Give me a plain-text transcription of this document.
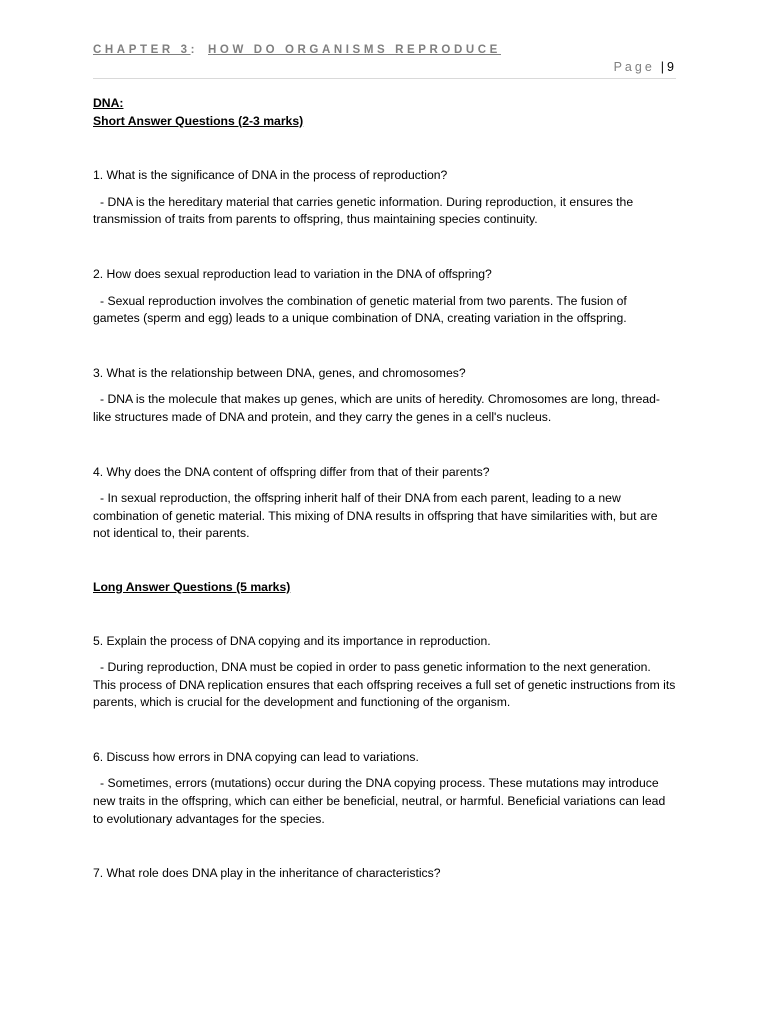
CHAPTER 3: HOW DO ORGANISMS REPRODUCE
Page | 9

DNA:

Short Answer Questions (2-3 marks)

1. What is the significance of DNA in the process of reproduction?

- DNA is the hereditary material that carries genetic information. During reproduction, it ensures the transmission of traits from parents to offspring, thus maintaining species continuity.

2. How does sexual reproduction lead to variation in the DNA of offspring?

- Sexual reproduction involves the combination of genetic material from two parents. The fusion of gametes (sperm and egg) leads to a unique combination of DNA, creating variation in the offspring.

3. What is the relationship between DNA, genes, and chromosomes?

- DNA is the molecule that makes up genes, which are units of heredity. Chromosomes are long, thread-like structures made of DNA and protein, and they carry the genes in a cell's nucleus.

4. Why does the DNA content of offspring differ from that of their parents?

- In sexual reproduction, the offspring inherit half of their DNA from each parent, leading to a new combination of genetic material. This mixing of DNA results in offspring that have similarities with, but are not identical to, their parents.

Long Answer Questions (5 marks)

5. Explain the process of DNA copying and its importance in reproduction.

- During reproduction, DNA must be copied in order to pass genetic information to the next generation. This process of DNA replication ensures that each offspring receives a full set of genetic instructions from its parents, which is crucial for the development and functioning of the organism.

6. Discuss how errors in DNA copying can lead to variations.

- Sometimes, errors (mutations) occur during the DNA copying process. These mutations may introduce new traits in the offspring, which can either be beneficial, neutral, or harmful. Beneficial variations can lead to evolutionary advantages for the species.

7. What role does DNA play in the inheritance of characteristics?
